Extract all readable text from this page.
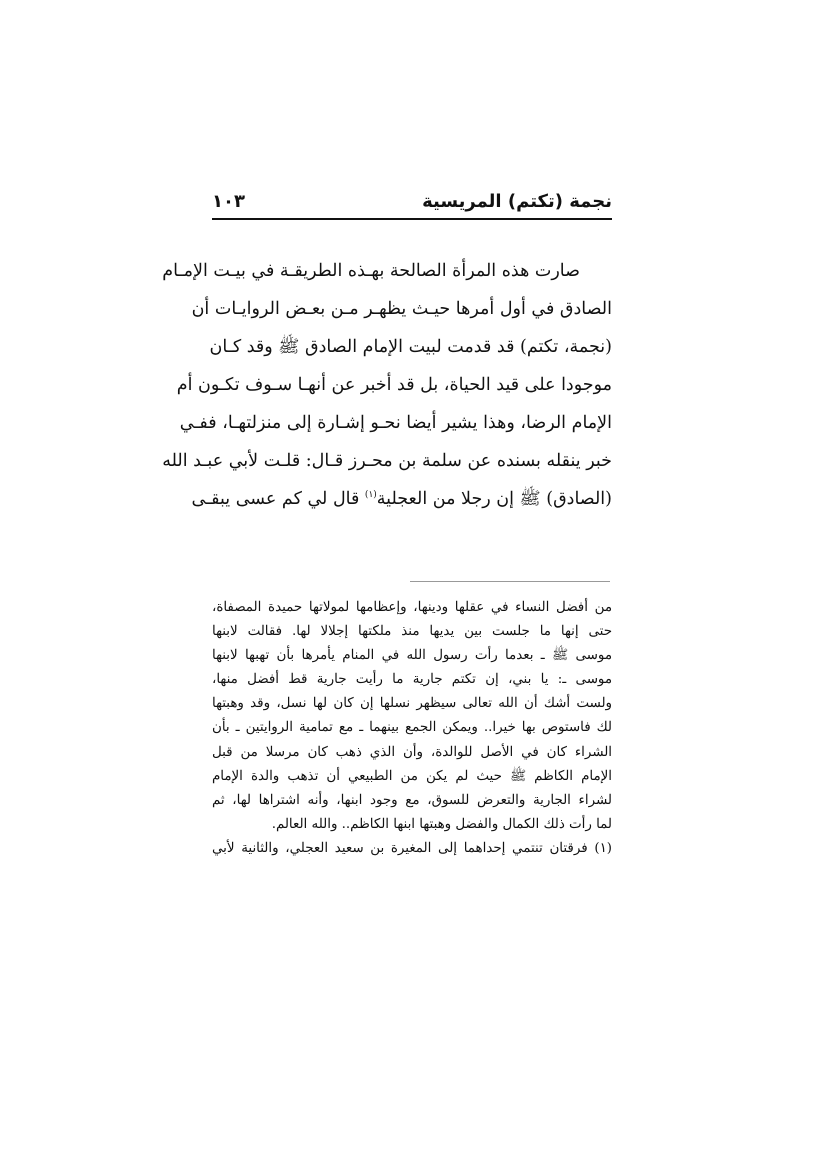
نجمة (تكتم) المريسية
١٠٣
صارت هذه المرأة الصالحة بهـذه الطريقـة في بيـت الإمـام
الصادق في أول أمرها حيـث يظهـر مـن بعـض الروايـات أن
(نجمة، تكتم) قد قدمت لبيت الإمام الصادق ﷺ وقد كـان
موجودا على قيد الحياة، بل قد أخبر عن أنهـا سـوف تكـون أم
الإمام الرضا، وهذا يشير أيضا نحـو إشـارة إلى منزلتهـا، ففـي
خبر ينقله بسنده عن سلمة بن محـرز قـال: قلـت لأبي عبـد الله
(الصادق) ﷺ إن رجلا من العجلية$^{(١)}$ قال لي كم عسى يبقـى
من أفضل النساء في عقلها ودينها، وإعظامها لمولاتها حميدة المصفاة،
حتى إنها ما جلست بين يديها منذ ملكتها إجلالا لها. فقالت لابنها
موسى ﷺ ـ بعدما رأت رسول الله في المنام يأمرها بأن تهبها لابنها
موسى ـ: يا بني، إن تكتم جارية ما رأيت جارية قط أفضل منها،
ولست أشك أن الله تعالى سيظهر نسلها إن كان لها نسل، وقد وهبتها
لك فاستوص بها خيرا.. ويمكن الجمع بينهما ـ مع تمامية الروايتين ـ بأن
الشراء كان في الأصل للوالدة، وأن الذي ذهب كان مرسلا من قبل
الإمام الكاظم ﷺ حيث لم يكن من الطبيعي أن تذهب والدة الإمام
لشراء الجارية والتعرض للسوق، مع وجود ابنها، وأنه اشتراها لها، ثم
لما رأت ذلك الكمال والفضل وهبتها ابنها الكاظم.. والله العالم.
(١) فرقتان تنتمي إحداهما إلى المغيرة بن سعيد العجلي، والثانية لأبي
